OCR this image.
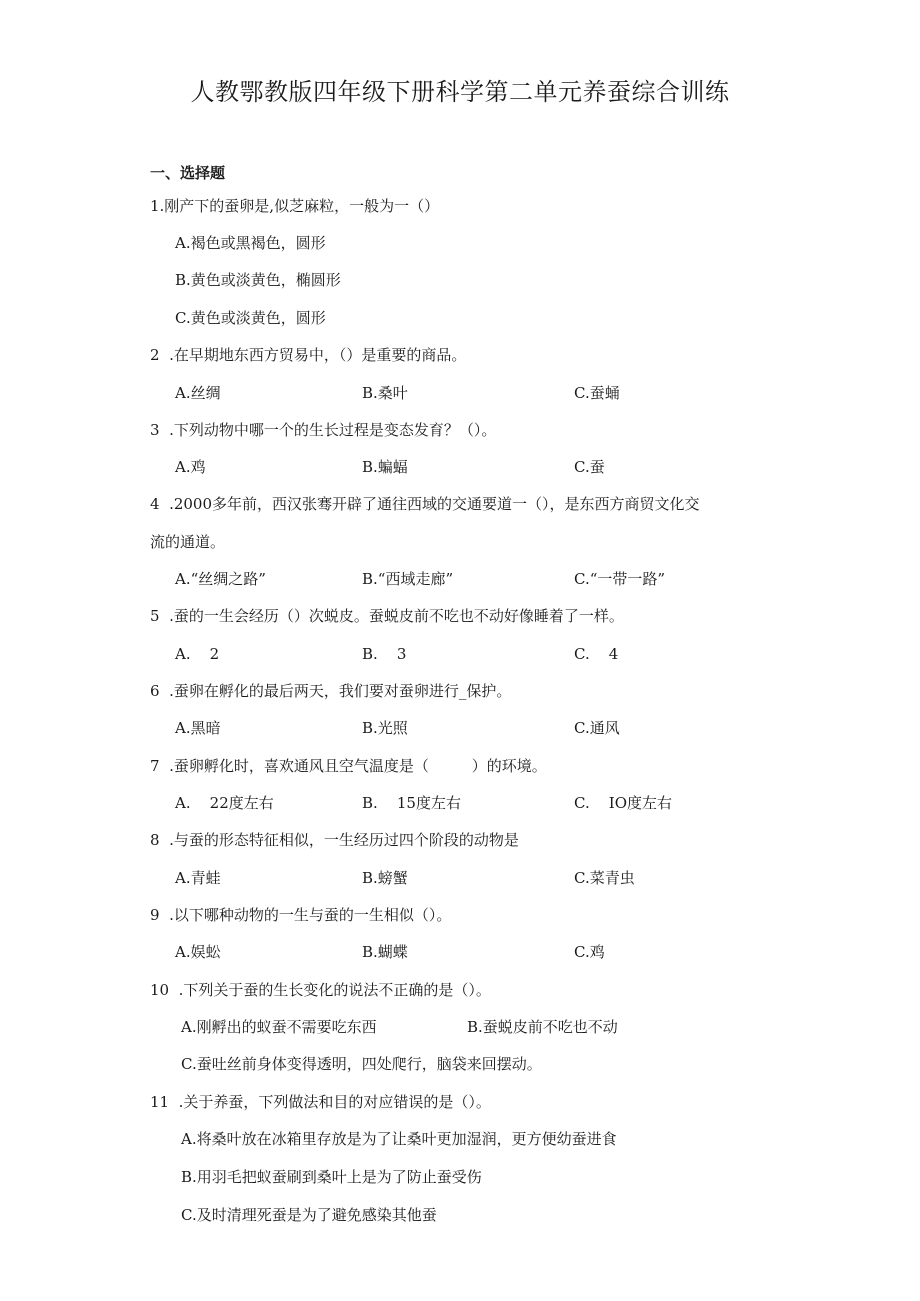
人教鄂教版四年级下册科学第二单元养蚕综合训练
一、选择题
1.刚产下的蚕卵是,似芝麻粒，一般为一（）
A.褐色或黑褐色，圆形
B.黄色或淡黄色，椭圆形
C.黄色或淡黄色，圆形
2  .在早期地东西方贸易中，（）是重要的商品。
A.丝绸	B.桑叶	C.蚕蛹
3  .下列动物中哪一个的生长过程是变态发育？（）。
A.鸡	B.蝙蝠	C.蚕
4  .2000多年前，西汉张骞开辟了通往西域的交通要道一（），是东西方商贸文化交
流的通道。
A.“丝绸之路”	B.“西域走廊”	C.“一带一路”
5  .蚕的一生会经历（）次蜕皮。蚕蜕皮前不吃也不动好像睡着了一样。
A.    2	B.    3	C.    4
6  .蚕卵在孵化的最后两天，我们要对蚕卵进行_保护。
A.黑暗	B.光照	C.通风
7  .蚕卵孵化时，喜欢通风且空气温度是（         ）的环境。
A.    22度左右	B.    15度左右	C.    IO度左右
8  .与蚕的形态特征相似，一生经历过四个阶段的动物是
A.青蛙	B.螃蟹	C.菜青虫
9  .以下哪种动物的一生与蚕的一生相似（）。
A.娱蚣	B.蝴蝶	C.鸡
10  .下列关于蚕的生长变化的说法不正确的是（）。
A.刚孵出的蚁蚕不需要吃东西	B.蚕蜕皮前不吃也不动
C.蚕吐丝前身体变得透明，四处爬行，脑袋来回摆动。
11  .关于养蚕，下列做法和目的对应错误的是（）。
A.将桑叶放在冰箱里存放是为了让桑叶更加湿润，更方便幼蚕进食
B.用羽毛把蚁蚕刷到桑叶上是为了防止蚕受伤
C.及时清理死蚕是为了避免感染其他蚕
